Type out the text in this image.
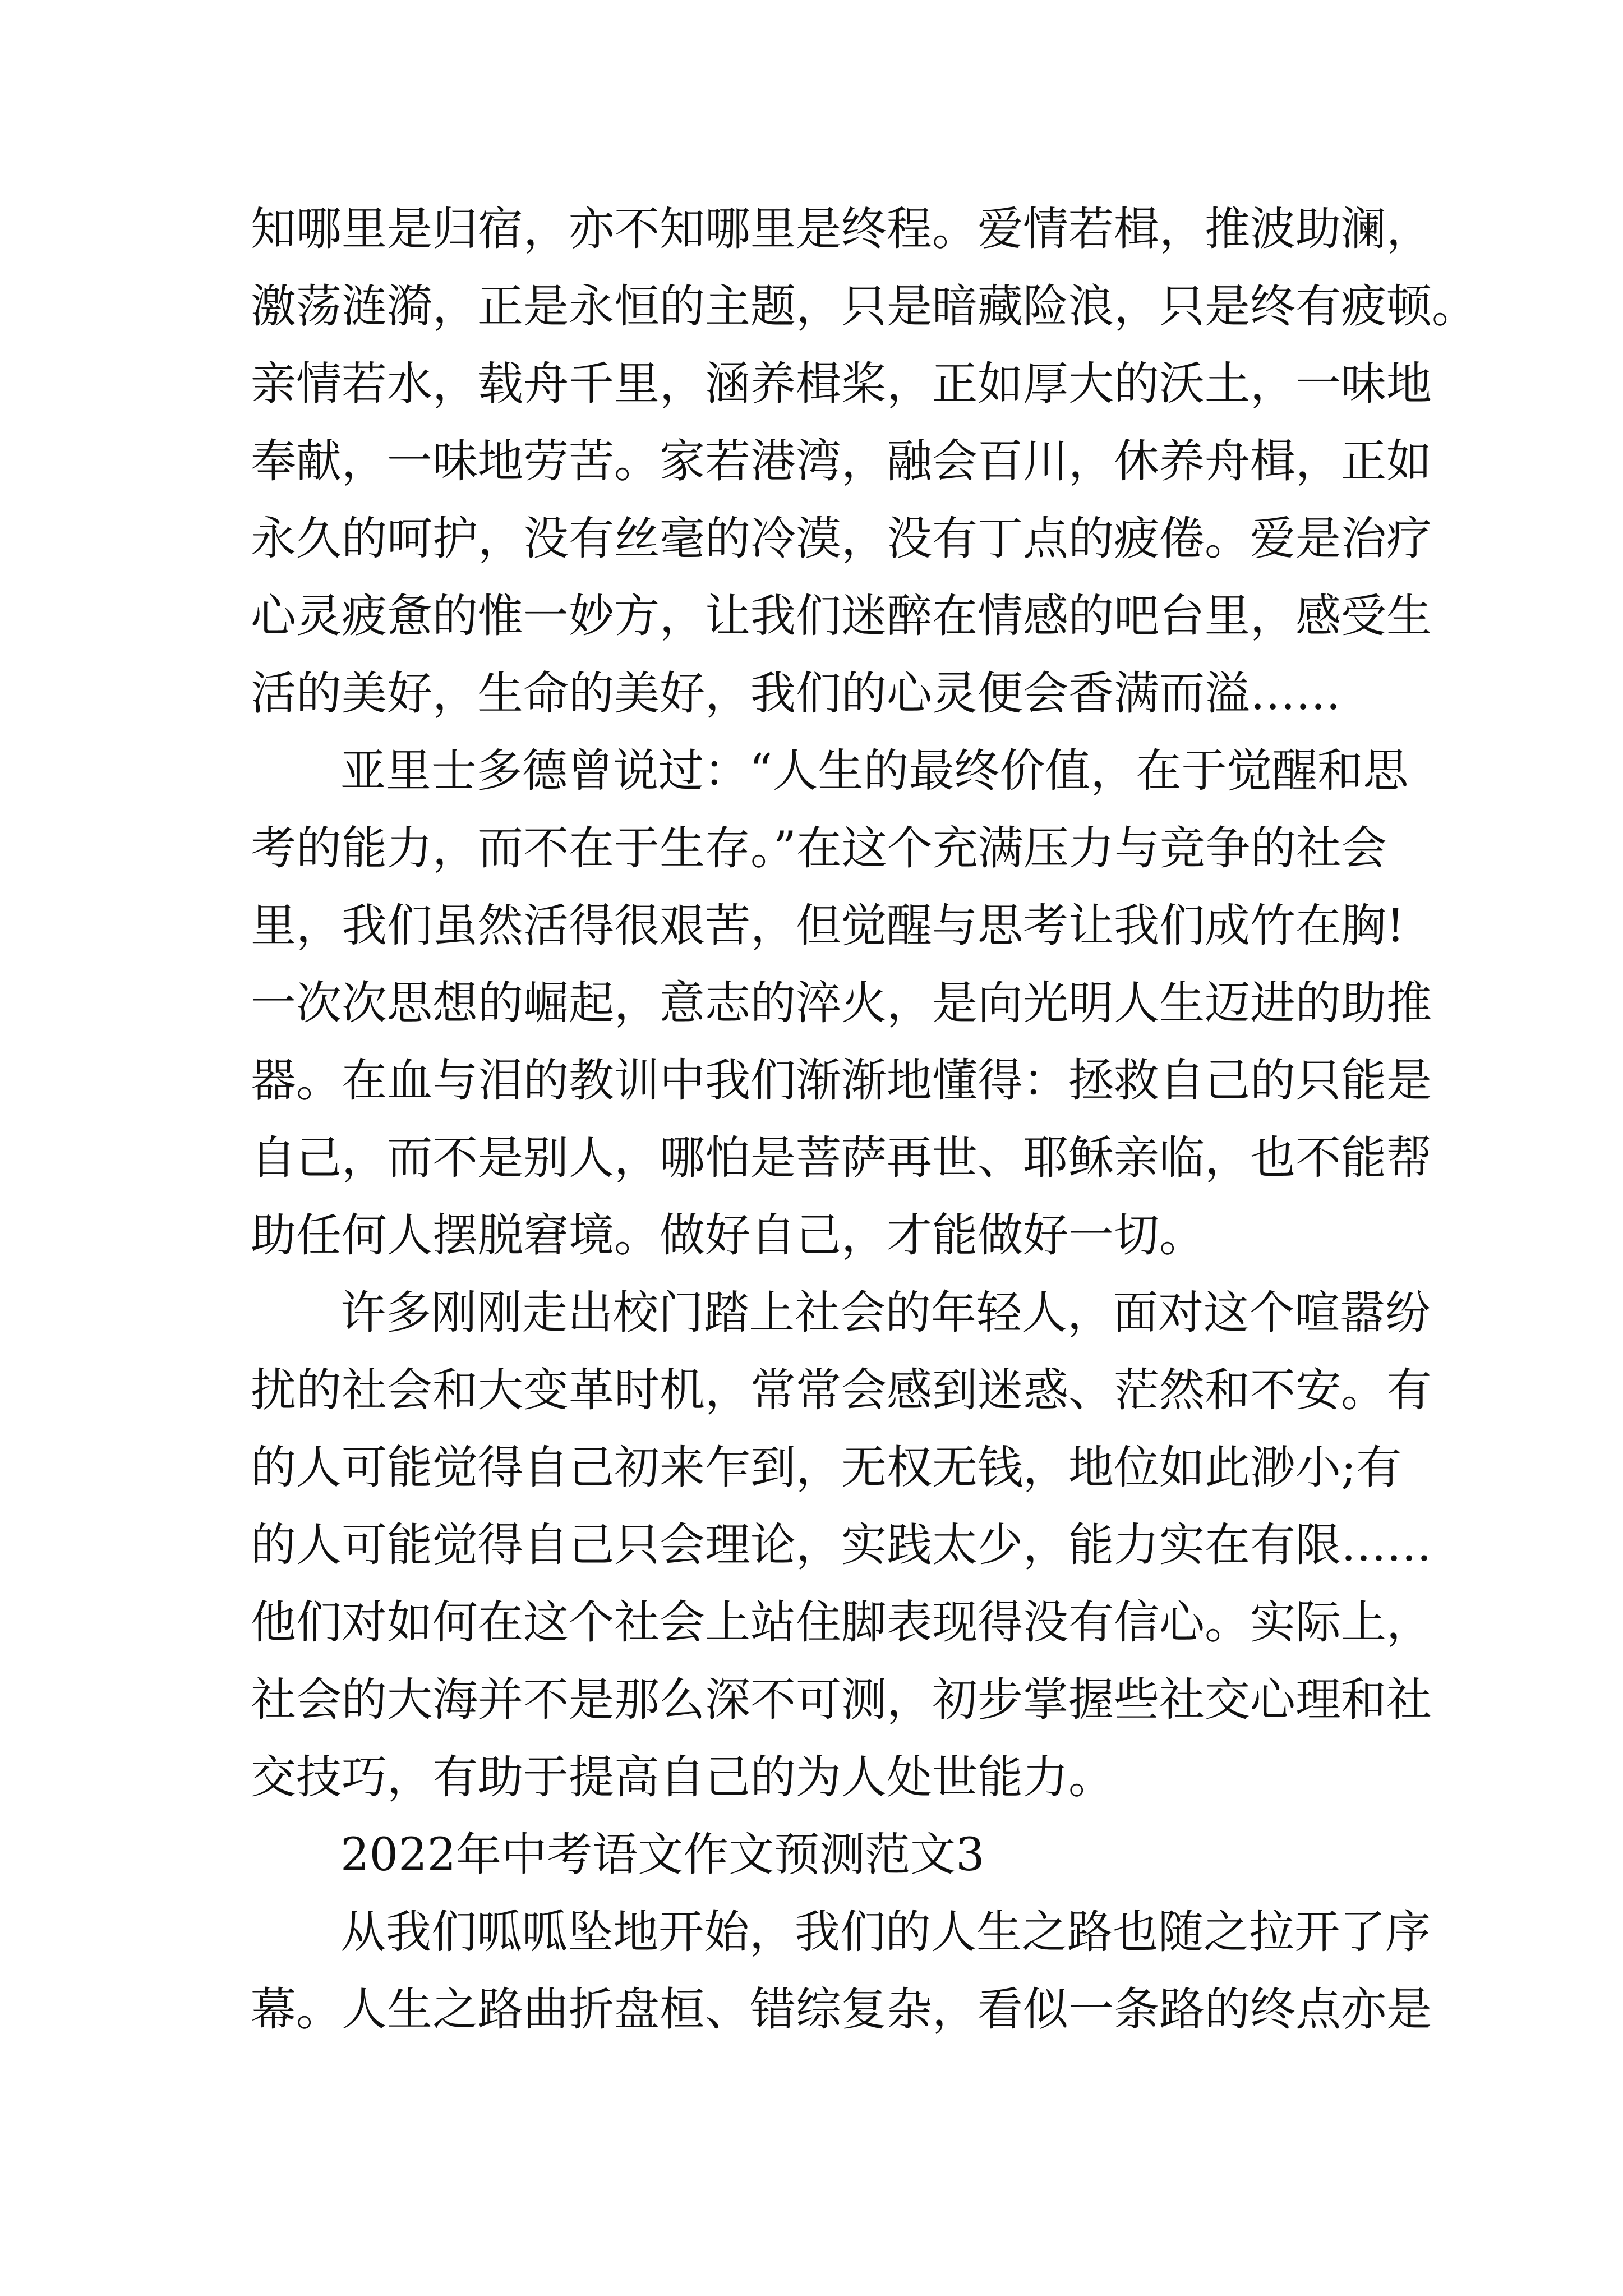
知哪里是归宿，亦不知哪里是终程。爱情若楫，推波助澜，
激荡涟漪，正是永恒的主题，只是暗藏险浪，只是终有疲顿。
亲情若水，载舟千里，涵养楫桨，正如厚大的沃土，一味地
奉献，一味地劳苦。家若港湾，融会百川，休养舟楫，正如
永久的呵护，没有丝毫的冷漠，没有丁点的疲倦。爱是治疗
心灵疲惫的惟一妙方，让我们迷醉在情感的吧台里，感受生
活的美好，生命的美好，我们的心灵便会香满而溢……
亚里士多德曾说过：“人生的最终价值，在于觉醒和思
考的能力，而不在于生存。”在这个充满压力与竞争的社会
里，我们虽然活得很艰苦，但觉醒与思考让我们成竹在胸!
一次次思想的崛起，意志的淬火，是向光明人生迈进的助推
器。在血与泪的教训中我们渐渐地懂得：拯救自己的只能是
自己，而不是别人，哪怕是菩萨再世、耶稣亲临，也不能帮
助任何人摆脱窘境。做好自己，才能做好一切。
许多刚刚走出校门踏上社会的年轻人，面对这个喧嚣纷
扰的社会和大变革时机，常常会感到迷惑、茫然和不安。有
的人可能觉得自己初来乍到，无权无钱，地位如此渺小;有
的人可能觉得自己只会理论，实践太少，能力实在有限……
他们对如何在这个社会上站住脚表现得没有信心。实际上，
社会的大海并不是那么深不可测，初步掌握些社交心理和社
交技巧，有助于提高自己的为人处世能力。
2022年中考语文作文预测范文3
从我们呱呱坠地开始，我们的人生之路也随之拉开了序
幕。人生之路曲折盘桓、错综复杂，看似一条路的终点亦是
